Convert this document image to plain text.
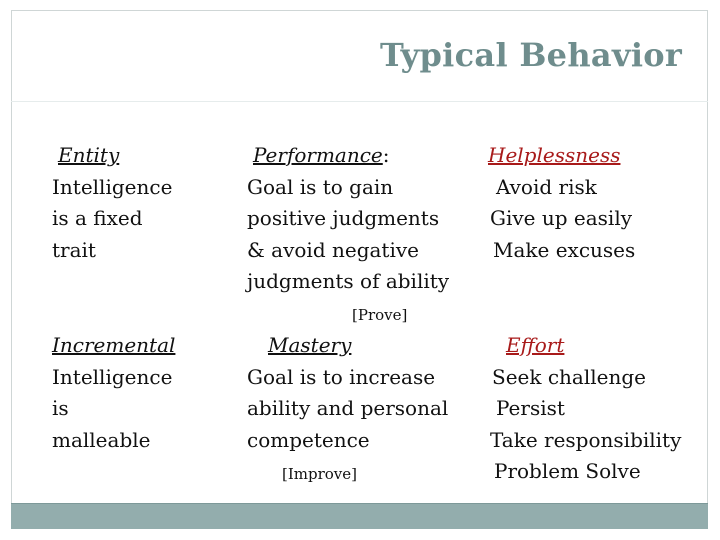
Typical Behavior
Entity
Intelligence
is a fixed
trait
Performance:
Goal is to gain
positive judgments
& avoid negative
judgments of ability
[Prove]
Helplessness
Avoid risk
Give up easily
Make excuses
Incremental
Intelligence
is
malleable
Mastery
Goal is to increase
ability and personal
competence
[Improve]
Effort
Seek challenge
Persist
Take responsibility
Problem Solve
